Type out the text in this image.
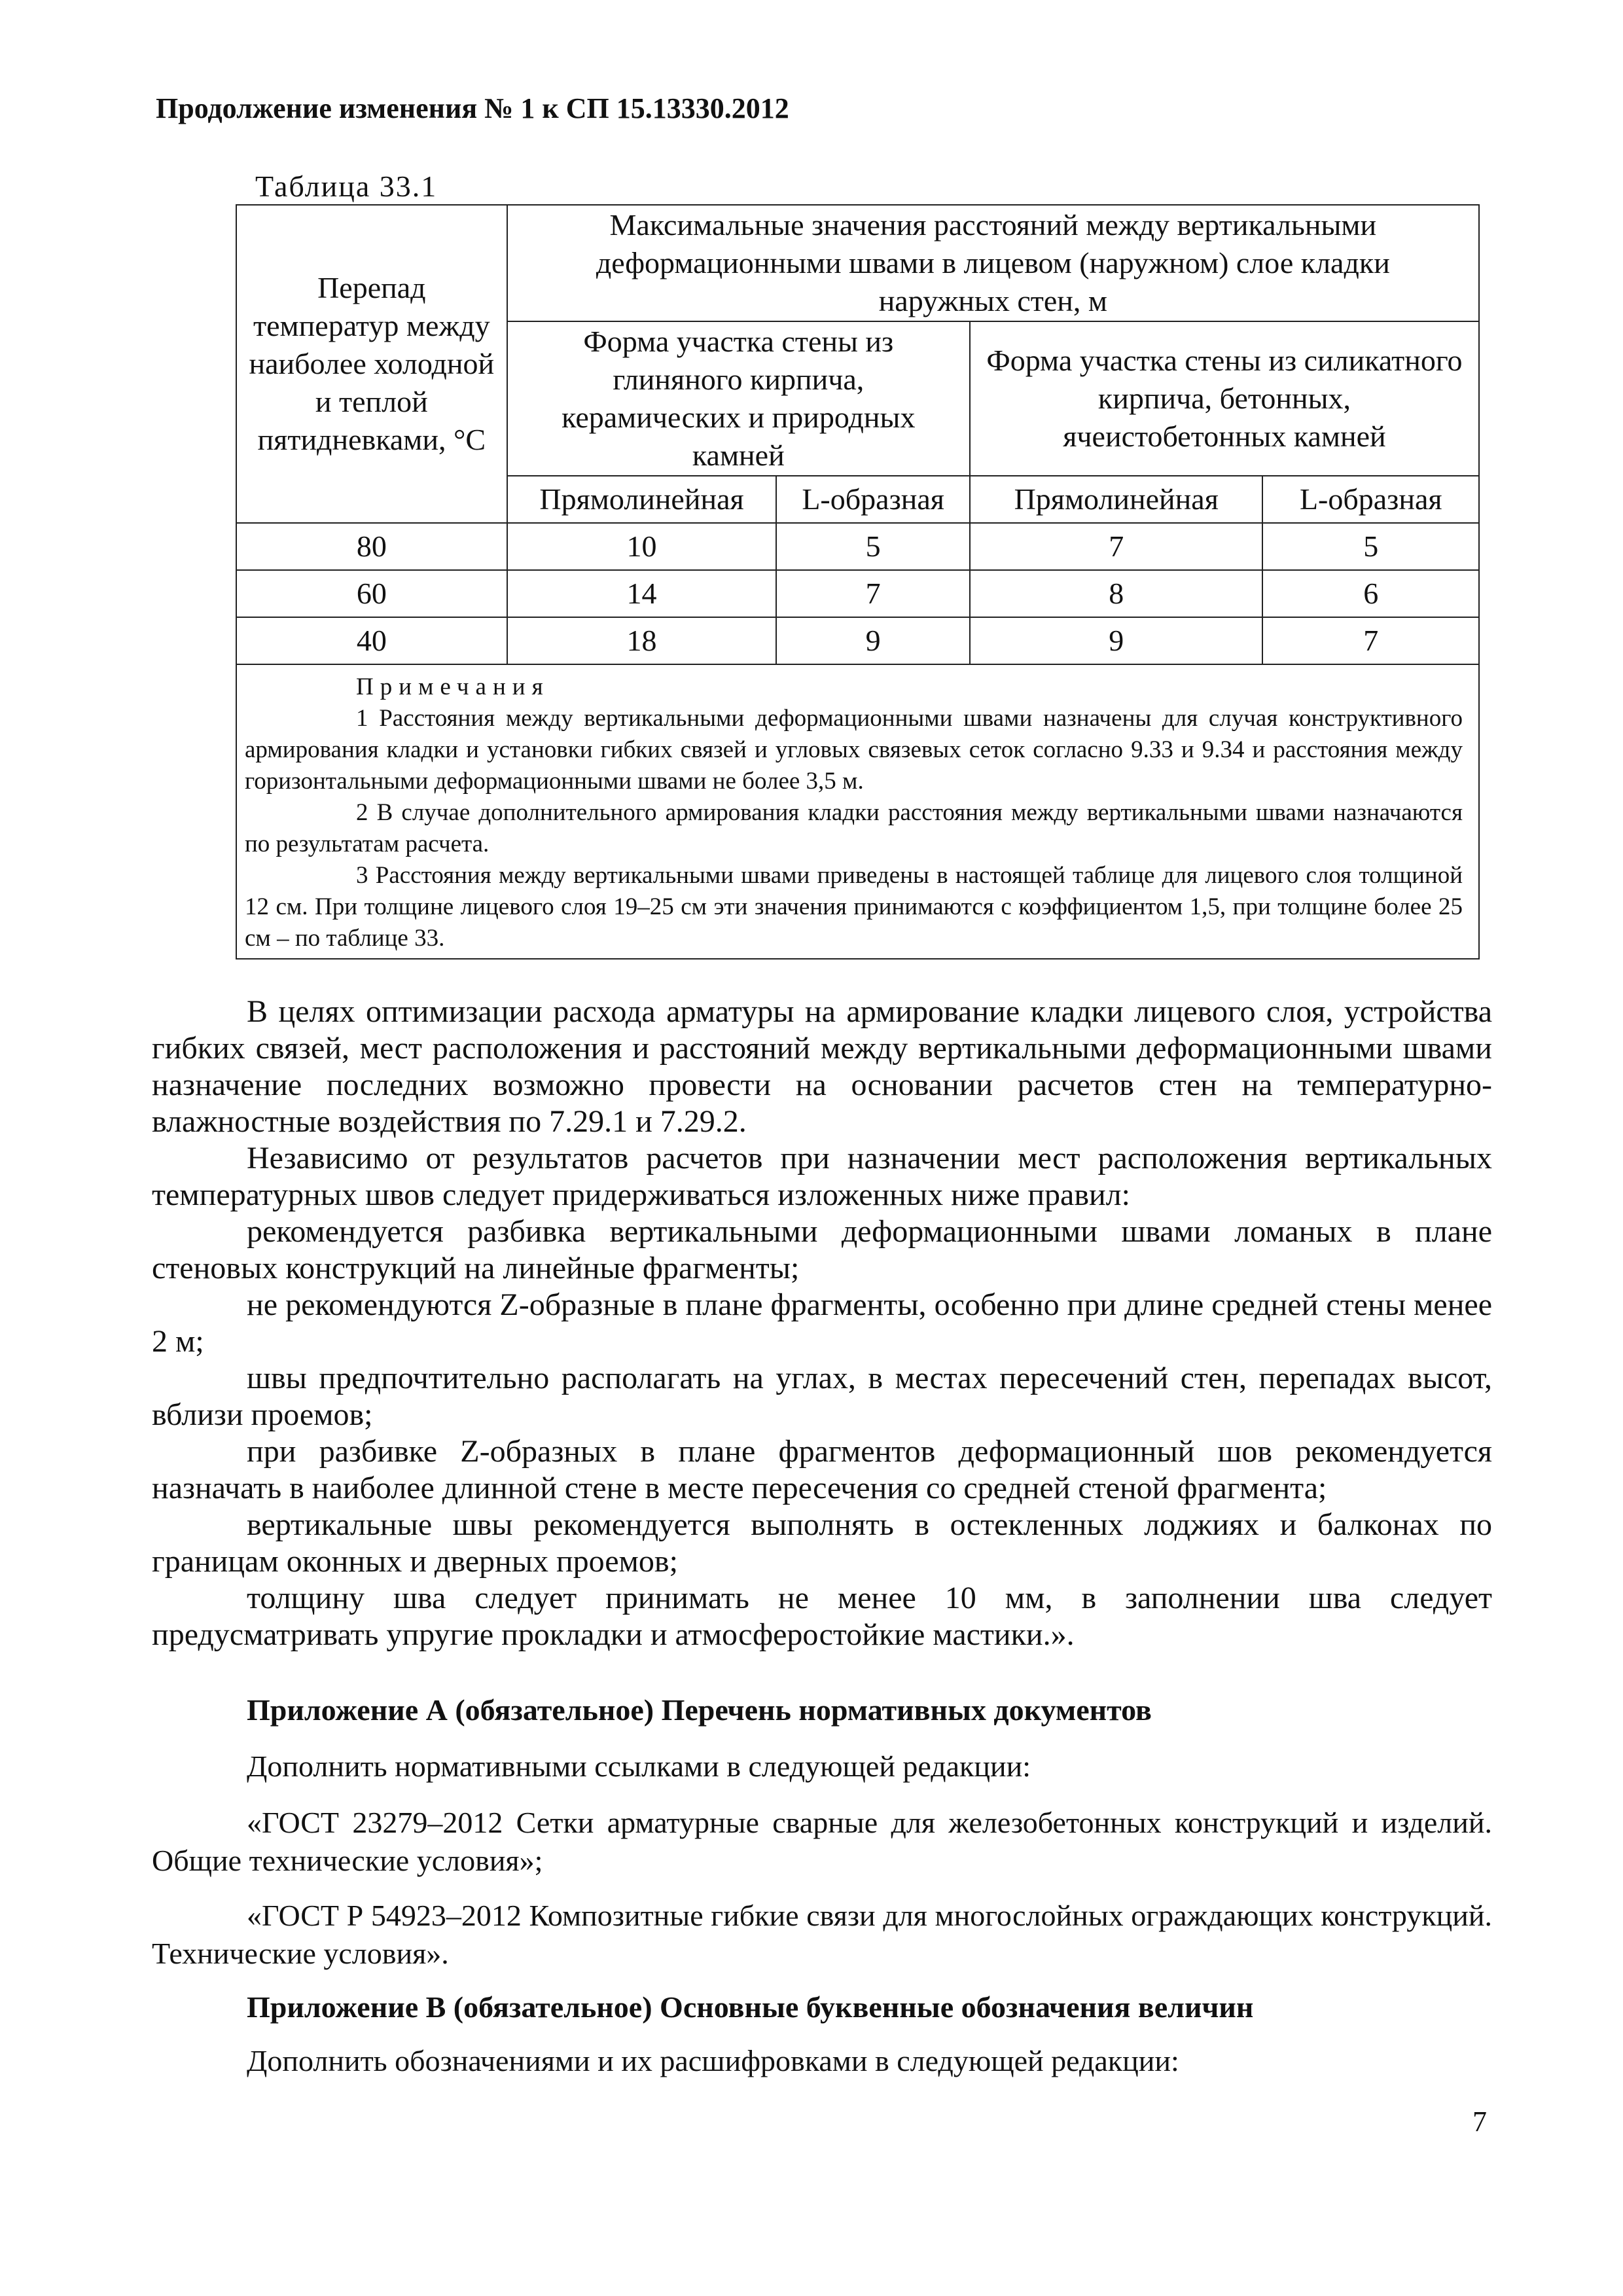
Продолжение изменения № 1 к СП 15.13330.2012
Таблица 33.1
Перепад температур между наиболее холодной и теплой пятидневками, °С	Максимальные значения расстояний между вертикальными деформационными швами в лицевом (наружном) слое кладки наружных стен, м			
	Форма участка стены из глиняного кирпича, керамических и природных камней		Форма участка стены из силикатного кирпича, бетонных, ячеистобетонных камней	
	Прямолинейная	L-образная	Прямолинейная	L-образная
80	10	5	7	5
60	14	7	8	6
40	18	9	9	7

Примечания

1 Расстояния между вертикальными деформационными швами назначены для случая конструктивного армирования кладки и установки гибких связей и угловых связевых сеток согласно 9.33 и 9.34 и расстояния между горизонтальными деформационными швами не более 3,5 м.

2 В случае дополнительного армирования кладки расстояния между вертикальными швами назначаются по результатам расчета.

3 Расстояния между вертикальными швами приведены в настоящей таблице для лицевого слоя толщиной 12 см. При толщине лицевого слоя 19–25 см эти значения принимаются с коэффициентом 1,5, при толщине более 25 см – по таблице 33.				

В целях оптимизации расхода арматуры на армирование кладки лицевого слоя, устройства гибких связей, мест расположения и расстояний между вертикальными деформационными швами назначение последних возможно провести на основании расчетов стен на температурно-влажностные воздействия по 7.29.1 и 7.29.2.

Независимо от результатов расчетов при назначении мест расположения вертикальных температурных швов следует придерживаться изложенных ниже правил:

рекомендуется разбивка вертикальными деформационными швами ломаных в плане стеновых конструкций на линейные фрагменты;

не рекомендуются Z-образные в плане фрагменты, особенно при длине средней стены менее 2 м;

швы предпочтительно располагать на углах, в местах пересечений стен, перепадах высот, вблизи проемов;

при разбивке Z-образных в плане фрагментов деформационный шов рекомендуется назначать в наиболее длинной стене в месте пересечения со средней стеной фрагмента;

вертикальные швы рекомендуется выполнять в остекленных лоджиях и балконах по границам оконных и дверных проемов;

толщину шва следует принимать не менее 10 мм, в заполнении шва следует предусматривать упругие прокладки и атмосферостойкие мастики.».

Приложение А (обязательное) Перечень нормативных документов

Дополнить нормативными ссылками в следующей редакции:

«ГОСТ 23279–2012 Сетки арматурные сварные для железобетонных конструкций и изделий. Общие технические условия»;

«ГОСТ Р 54923–2012 Композитные гибкие связи для многослойных ограждающих конструкций. Технические условия».

Приложение В (обязательное) Основные буквенные обозначения величин

Дополнить обозначениями и их расшифровками в следующей редакции:

7
